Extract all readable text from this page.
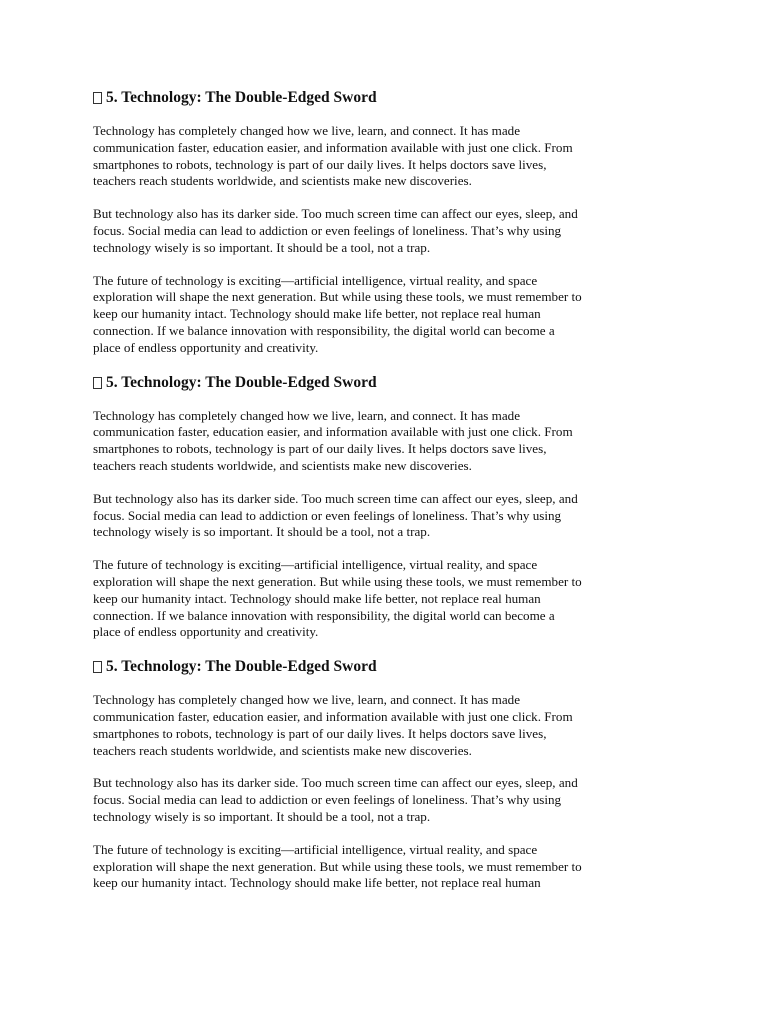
5. Technology: The Double-Edged Sword

Technology has completely changed how we live, learn, and connect. It has made
communication faster, education easier, and information available with just one click. From
smartphones to robots, technology is part of our daily lives. It helps doctors save lives,
teachers reach students worldwide, and scientists make new discoveries.

But technology also has its darker side. Too much screen time can affect our eyes, sleep, and
focus. Social media can lead to addiction or even feelings of loneliness. That’s why using
technology wisely is so important. It should be a tool, not a trap.

The future of technology is exciting—artificial intelligence, virtual reality, and space
exploration will shape the next generation. But while using these tools, we must remember to
keep our humanity intact. Technology should make life better, not replace real human
connection. If we balance innovation with responsibility, the digital world can become a
place of endless opportunity and creativity.

5. Technology: The Double-Edged Sword

Technology has completely changed how we live, learn, and connect. It has made
communication faster, education easier, and information available with just one click. From
smartphones to robots, technology is part of our daily lives. It helps doctors save lives,
teachers reach students worldwide, and scientists make new discoveries.

But technology also has its darker side. Too much screen time can affect our eyes, sleep, and
focus. Social media can lead to addiction or even feelings of loneliness. That’s why using
technology wisely is so important. It should be a tool, not a trap.

The future of technology is exciting—artificial intelligence, virtual reality, and space
exploration will shape the next generation. But while using these tools, we must remember to
keep our humanity intact. Technology should make life better, not replace real human
connection. If we balance innovation with responsibility, the digital world can become a
place of endless opportunity and creativity.

5. Technology: The Double-Edged Sword

Technology has completely changed how we live, learn, and connect. It has made
communication faster, education easier, and information available with just one click. From
smartphones to robots, technology is part of our daily lives. It helps doctors save lives,
teachers reach students worldwide, and scientists make new discoveries.

But technology also has its darker side. Too much screen time can affect our eyes, sleep, and
focus. Social media can lead to addiction or even feelings of loneliness. That’s why using
technology wisely is so important. It should be a tool, not a trap.

The future of technology is exciting—artificial intelligence, virtual reality, and space
exploration will shape the next generation. But while using these tools, we must remember to
keep our humanity intact. Technology should make life better, not replace real human
